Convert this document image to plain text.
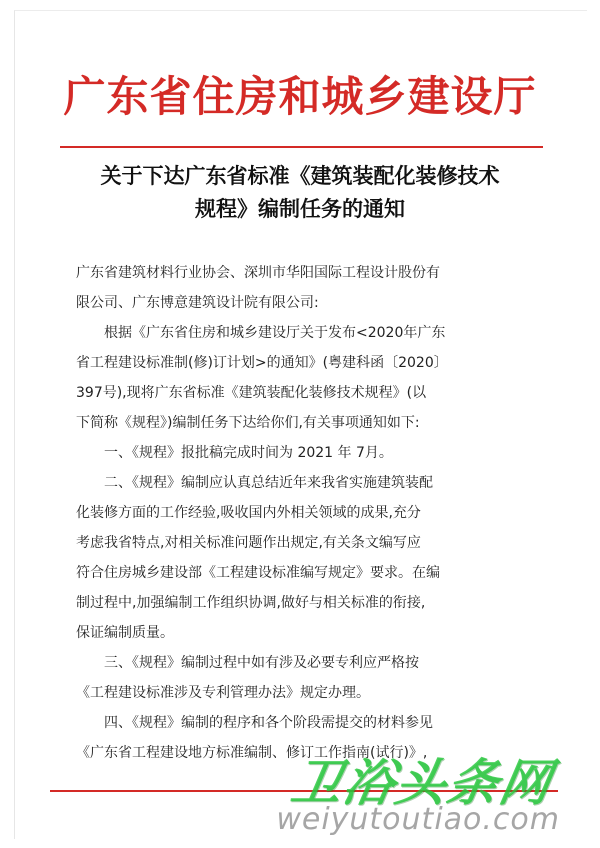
广东省住房和城乡建设厅
关于下达广东省标准《建筑装配化装修技术
规程》编制任务的通知
广东省建筑材料行业协会、深圳市华阳国际工程设计股份有
限公司、广东博意建筑设计院有限公司:
根据《广东省住房和城乡建设厅关于发布<2020年广东
省工程建设标准制(修)订计划>的通知》(粤建科函〔2020〕
397号),现将广东省标准《建筑装配化装修技术规程》(以
下简称《规程》)编制任务下达给你们,有关事项通知如下:
一、《规程》报批稿完成时间为 2021 年 7月。
二、《规程》编制应认真总结近年来我省实施建筑装配
化装修方面的工作经验,吸收国内外相关领域的成果,充分
考虑我省特点,对相关标准问题作出规定,有关条文编写应
符合住房城乡建设部《工程建设标准编写规定》要求。在编
制过程中,加强编制工作组织协调,做好与相关标准的衔接,
保证编制质量。
三、《规程》编制过程中如有涉及必要专利应严格按
《工程建设标准涉及专利管理办法》规定办理。
四、《规程》编制的程序和各个阶段需提交的材料参见
《广东省工程建设地方标准编制、修订工作指南(试行)》,
卫浴头条网
weiyutoutiao.com
